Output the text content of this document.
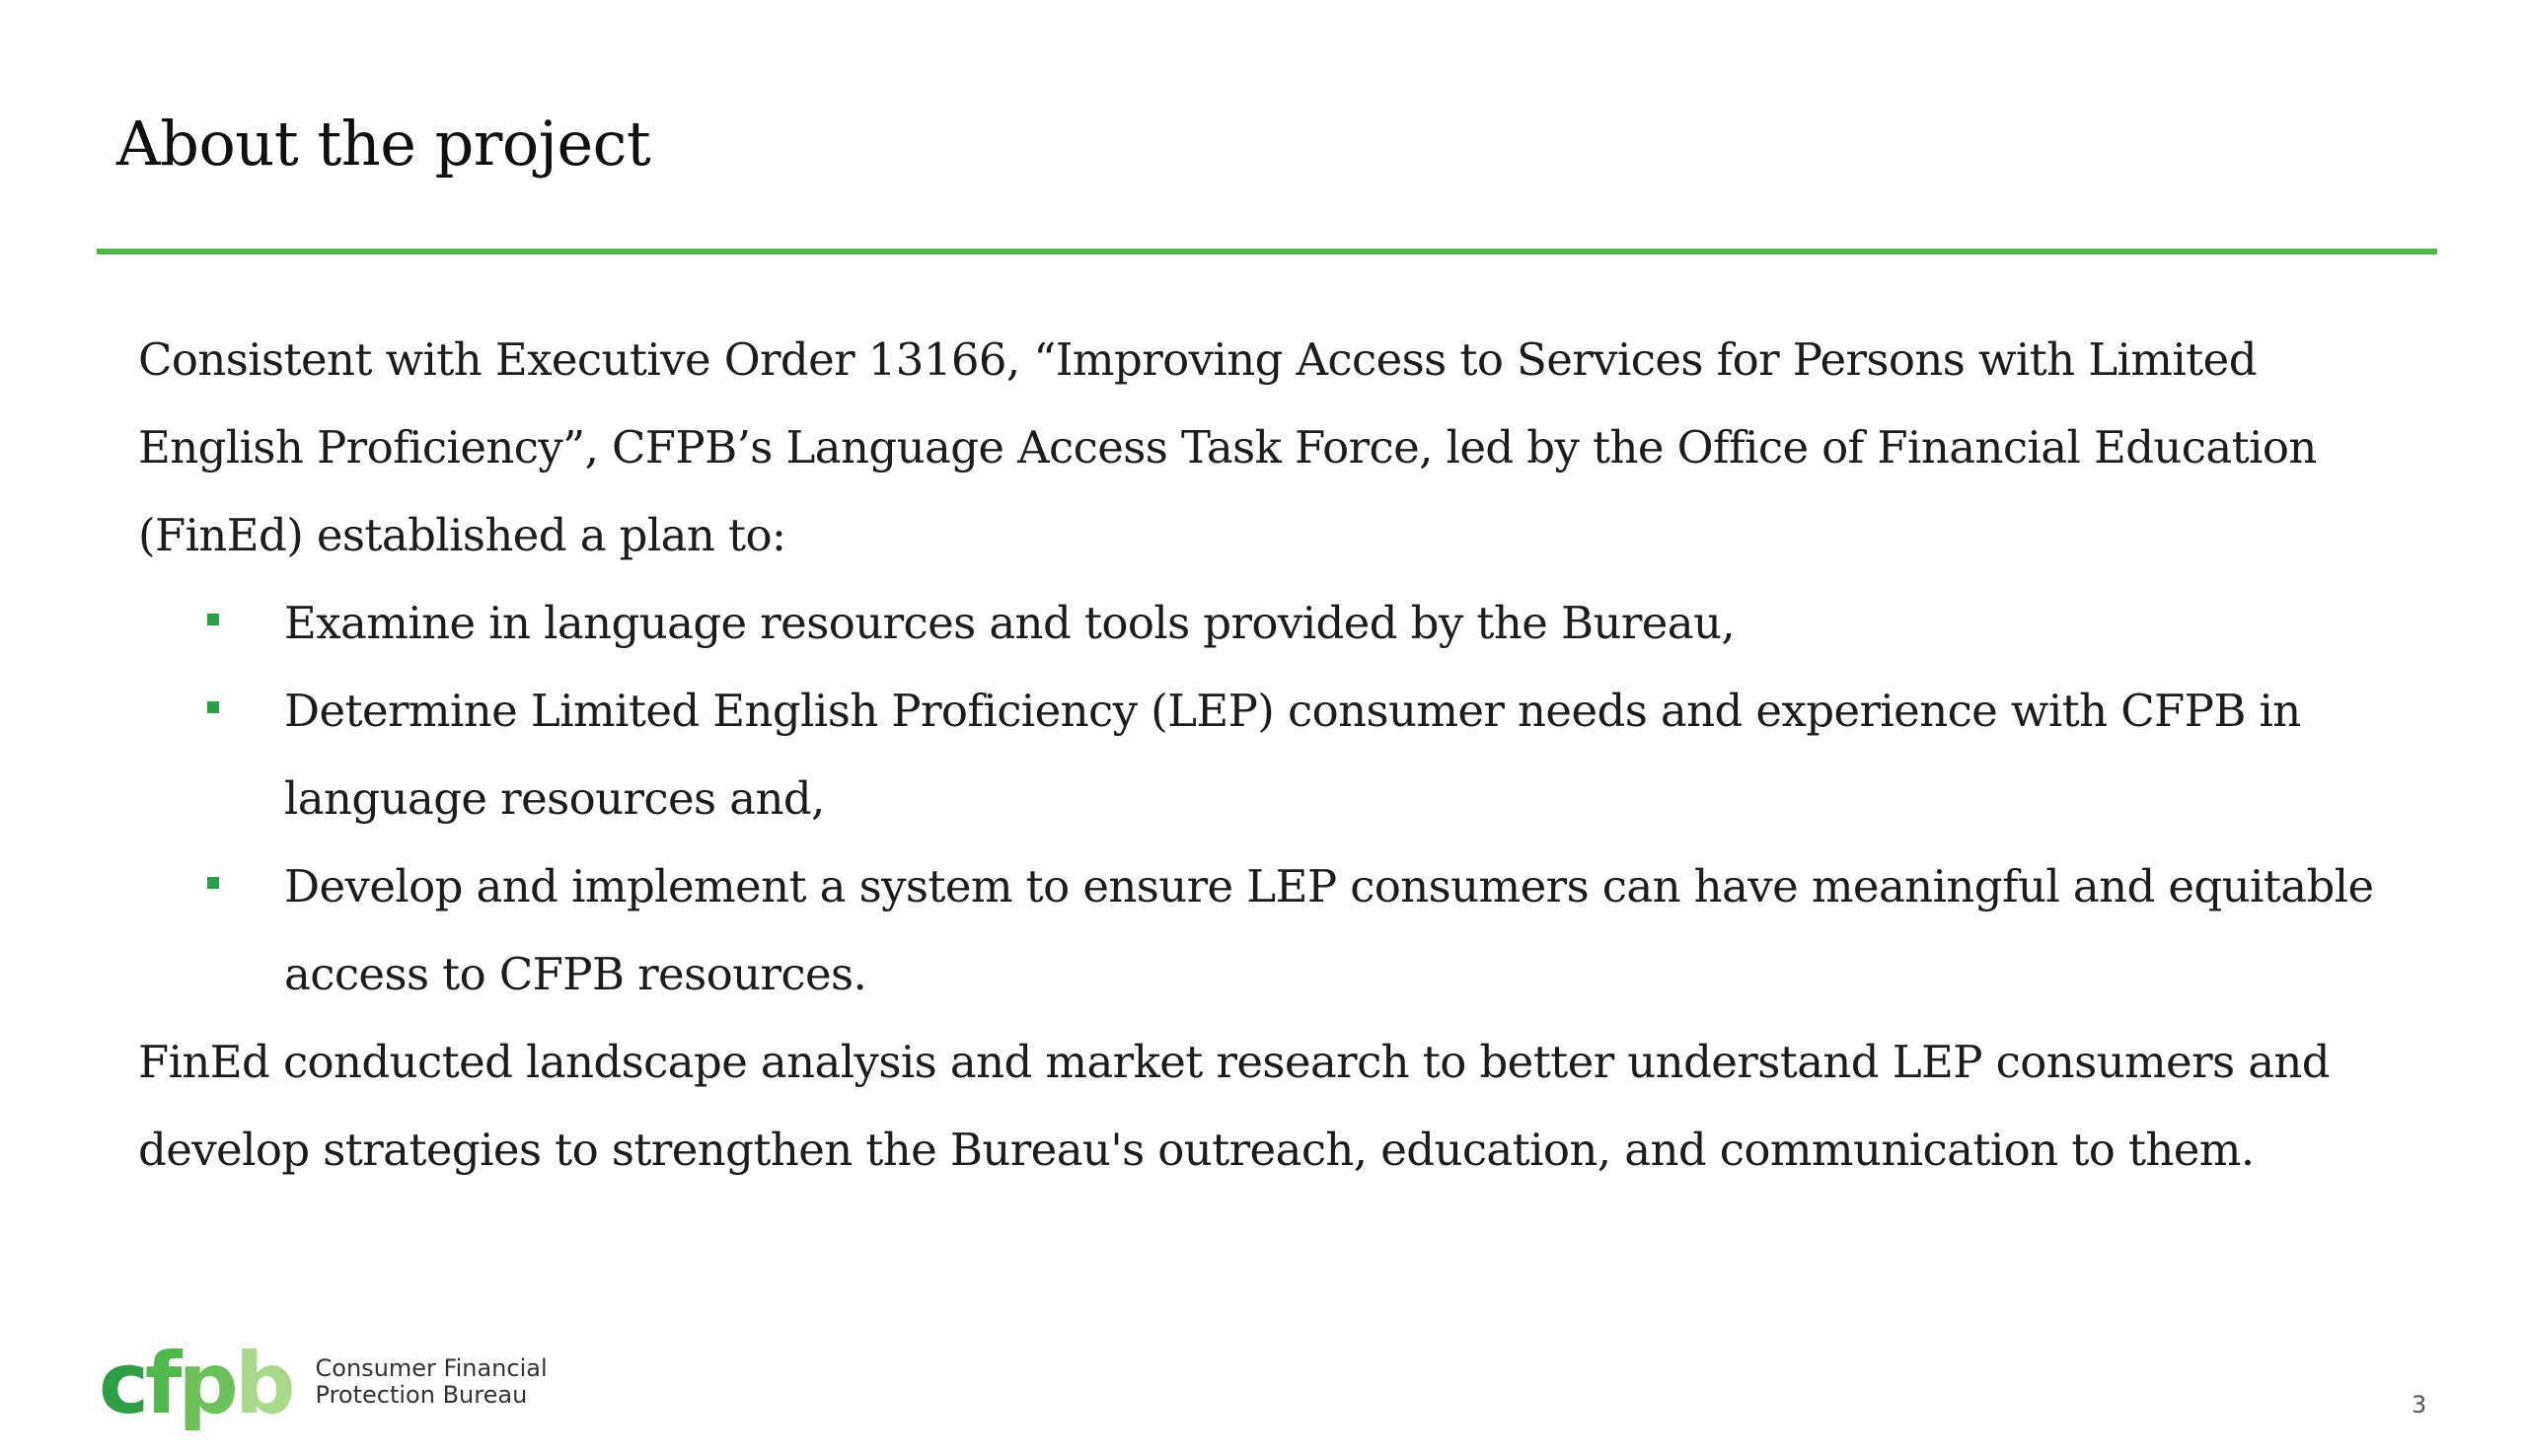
About the project

Consistent with Executive Order 13166, “Improving Access to Services for Persons with Limited English Proficiency”, CFPB’s Language Access Task Force, led by the Office of Financial Education (FinEd) established a plan to:

Examine in language resources and tools provided by the Bureau,
Determine Limited English Proficiency (LEP) consumer needs and experience with CFPB in language resources and,
Develop and implement a system to ensure LEP consumers can have meaningful and equitable access to CFPB resources.

FinEd conducted landscape analysis and market research to better understand LEP consumers and develop strategies to strengthen the Bureau's outreach, education, and communication to them.

c f p b Consumer Financial
Protection Bureau	3
